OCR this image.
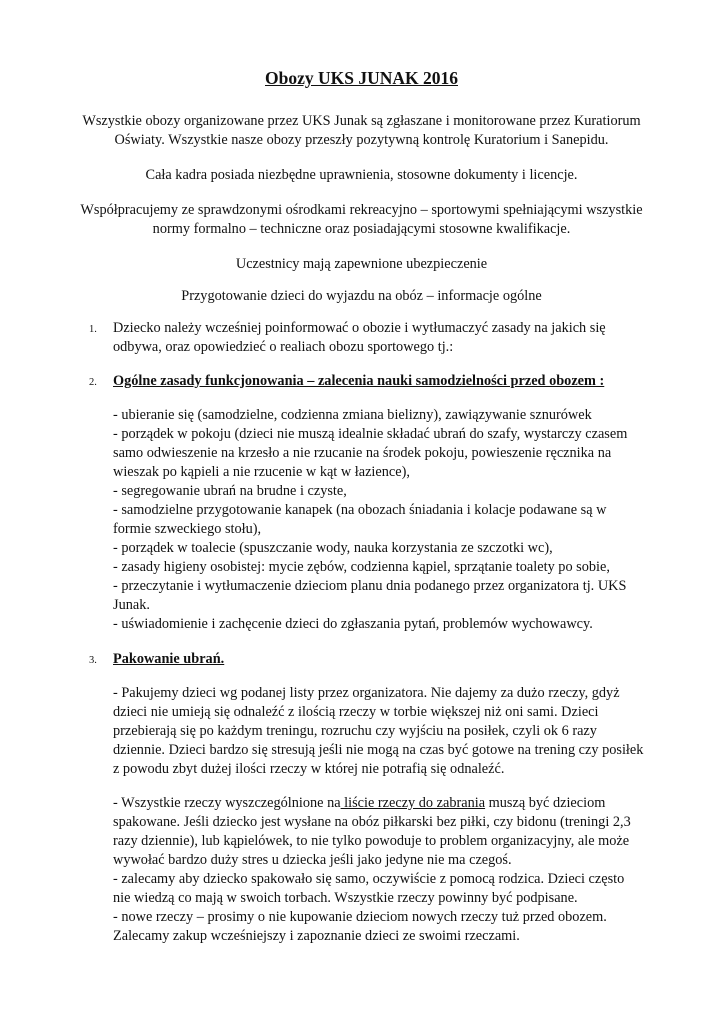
Obozy UKS JUNAK 2016
Wszystkie obozy organizowane przez UKS Junak są zgłaszane i monitorowane przez Kuratiorum
Oświaty. Wszystkie nasze obozy przeszły pozytywną kontrolę Kuratorium i Sanepidu.
Cała kadra posiada niezbędne uprawnienia, stosowne dokumenty i licencje.
Współpracujemy ze sprawdzonymi ośrodkami rekreacyjno – sportowymi spełniającymi wszystkie
normy formalno – techniczne oraz posiadającymi stosowne kwalifikacje.
Uczestnicy mają zapewnione ubezpieczenie
Przygotowanie dzieci do wyjazdu na obóz – informacje ogólne
1. Dziecko należy wcześniej poinformować o obozie i wytłumaczyć zasady na jakich się
odbywa, oraz opowiedzieć o realiach obozu sportowego tj.:
2. Ogólne zasady funkcjonowania – zalecenia nauki samodzielności przed obozem :
- ubieranie się (samodzielne, codzienna zmiana bielizny), zawiązywanie sznurówek
- porządek w pokoju (dzieci nie muszą idealnie składać ubrań do szafy, wystarczy czasem
samo odwieszenie na krzesło a nie rzucanie na środek pokoju, powieszenie ręcznika na
wieszak po kąpieli a nie rzucenie w kąt w łazience),
- segregowanie ubrań na brudne i czyste,
- samodzielne przygotowanie kanapek (na obozach śniadania i kolacje podawane są w
formie szweckiego stołu),
- porządek w toalecie (spuszczanie wody, nauka korzystania ze szczotki wc),
- zasady higieny osobistej: mycie zębów, codzienna kąpiel, sprzątanie toalety po sobie,
- przeczytanie i wytłumaczenie dzieciom planu dnia podanego przez organizatora tj. UKS
Junak.
- uświadomienie i zachęcenie dzieci do zgłaszania pytań, problemów wychowawcy.
3. Pakowanie ubrań.
- Pakujemy dzieci wg podanej listy przez organizatora. Nie dajemy za dużo rzeczy, gdyż
dzieci nie umieją się odnaleźć z ilością rzeczy w torbie większej niż oni sami. Dzieci
przebierają się po każdym treningu, rozruchu czy wyjściu na posiłek, czyli ok 6 razy
dziennie. Dzieci bardzo się stresują jeśli nie mogą na czas być gotowe na trening czy posiłek
z powodu zbyt dużej ilości rzeczy w której nie potrafią się odnaleźć.
- Wszystkie rzeczy wyszczególnione na liście rzeczy do zabrania muszą być dzieciom
spakowane. Jeśli dziecko jest wysłane na obóz piłkarski bez piłki, czy bidonu (treningi 2,3
razy dziennie), lub kąpielówek, to nie tylko powoduje to problem organizacyjny, ale może
wywołać bardzo duży stres u dziecka jeśli jako jedyne nie ma czegoś.
- zalecamy aby dziecko spakowało się samo, oczywiście z pomocą rodzica. Dzieci często
nie wiedzą co mają w swoich torbach. Wszystkie rzeczy powinny być podpisane.
- nowe rzeczy – prosimy o nie kupowanie dzieciom nowych rzeczy tuż przed obozem.
Zalecamy zakup wcześniejszy i zapoznanie dzieci ze swoimi rzeczami.
